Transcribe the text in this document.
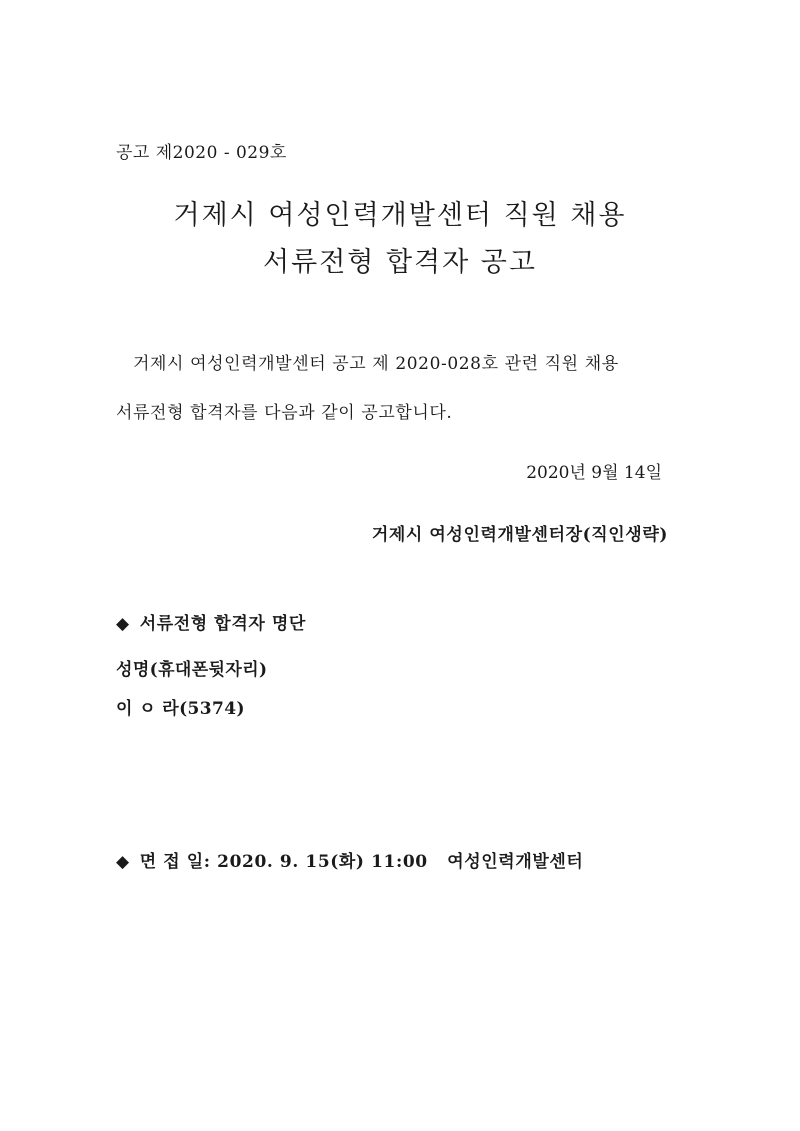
공고 제2020 - 029호
거제시 여성인력개발센터 직원 채용
서류전형 합격자 공고
거제시 여성인력개발센터 공고 제 2020-028호 관련 직원 채용
서류전형 합격자를 다음과 같이 공고합니다.
2020년 9월 14일
거제시 여성인력개발센터장(직인생략)
◆ 서류전형 합격자 명단
성명(휴대폰뒷자리)
이 ㅇ 라(5374)
◆ 면 접 일: 2020. 9. 15(화) 11:00   여성인력개발센터
